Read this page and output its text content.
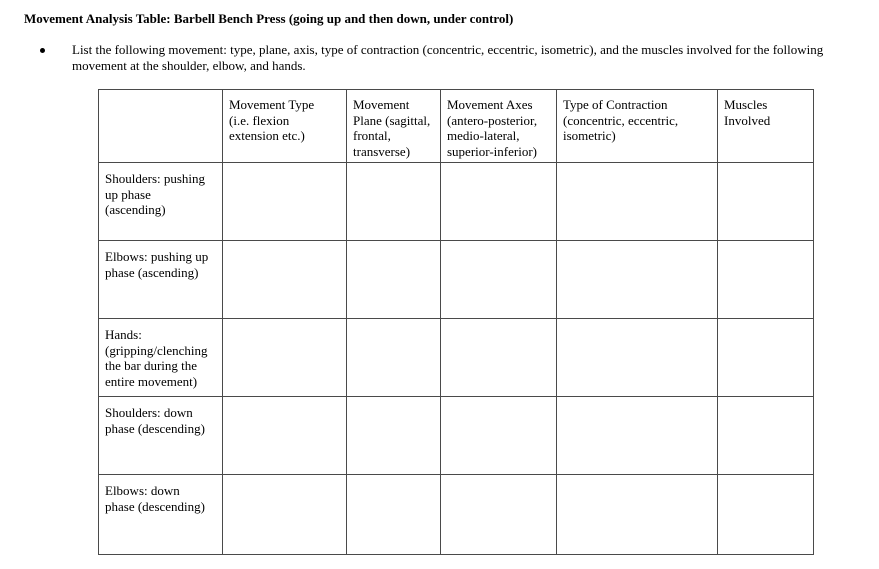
Movement Analysis Table: Barbell Bench Press (going up and then down, under control)
List the following movement: type, plane, axis, type of contraction (concentric, eccentric, isometric), and the muscles involved for the following movement at the shoulder, elbow, and hands.

	Movement Type
(i.e. flexion
extension etc.)	Movement
Plane (sagittal,
frontal,
transverse)	Movement Axes
(antero-posterior,
medio-lateral,
superior-inferior)	Type of Contraction
(concentric, eccentric,
isometric)	Muscles
Involved

Shoulders: pushing
up phase
(ascending)					

Elbows: pushing up
phase (ascending)					

Hands:
(gripping/clenching
the bar during the
entire movement)					

Shoulders: down
phase (descending)					

Elbows: down
phase (descending)					
